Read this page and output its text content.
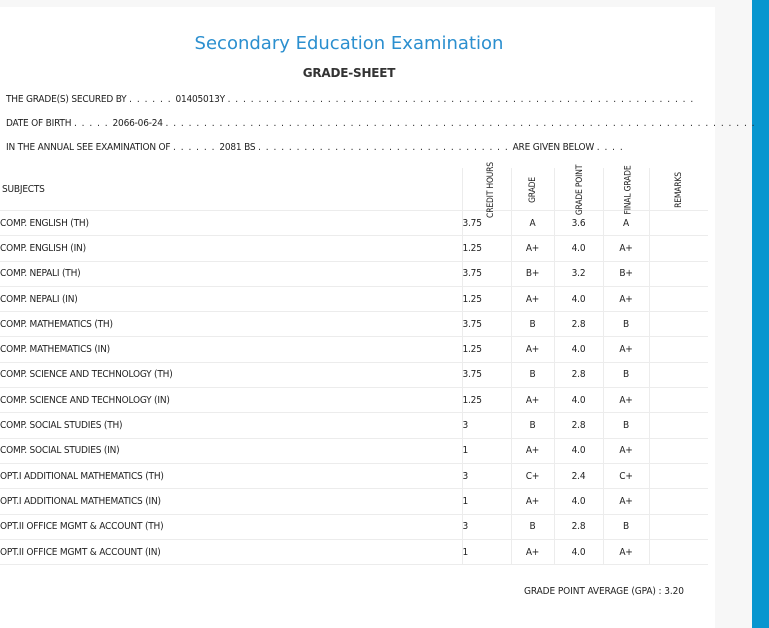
Secondary Education Examination
GRADE-SHEET
THE GRADE(S) SECURED BY . . . . . . 01405013Y . . . . . . . . . . . . . . . . . . . . . . . . . . . . . . . . . . . . . . . . . . . . . . . . . . . . . . . . . . . . .
DATE OF BIRTH . . . . . 2066-06-24 . . . . . . . . . . . . . . . . . . . . . . . . . . . . . . . . . . . . . . . . . . . . . . . . . . . . . . . . . . . . . . . . . . . . . . . . . . . . .
IN THE ANNUAL SEE EXAMINATION OF . . . . . . 2081 BS . . . . . . . . . . . . . . . . . . . . . . . . . . . . . . . . . ARE GIVEN BELOW . . . .
SUBJECTS	CREDIT HOURS	GRADE	GRADE POINT	FINAL GRADE	REMARKS
COMP. ENGLISH (TH)	3.75	A	3.6	A	
COMP. ENGLISH (IN)	1.25	A+	4.0	A+	
COMP. NEPALI (TH)	3.75	B+	3.2	B+	
COMP. NEPALI (IN)	1.25	A+	4.0	A+	
COMP. MATHEMATICS (TH)	3.75	B	2.8	B	
COMP. MATHEMATICS (IN)	1.25	A+	4.0	A+	
COMP. SCIENCE AND TECHNOLOGY (TH)	3.75	B	2.8	B	
COMP. SCIENCE AND TECHNOLOGY (IN)	1.25	A+	4.0	A+	
COMP. SOCIAL STUDIES (TH)	3	B	2.8	B	
COMP. SOCIAL STUDIES (IN)	1	A+	4.0	A+	
OPT.I ADDITIONAL MATHEMATICS (TH)	3	C+	2.4	C+	
OPT.I ADDITIONAL MATHEMATICS (IN)	1	A+	4.0	A+	
OPT.II OFFICE MGMT & ACCOUNT (TH)	3	B	2.8	B	
OPT.II OFFICE MGMT & ACCOUNT (IN)	1	A+	4.0	A+	
GRADE POINT AVERAGE (GPA) : 3.20
